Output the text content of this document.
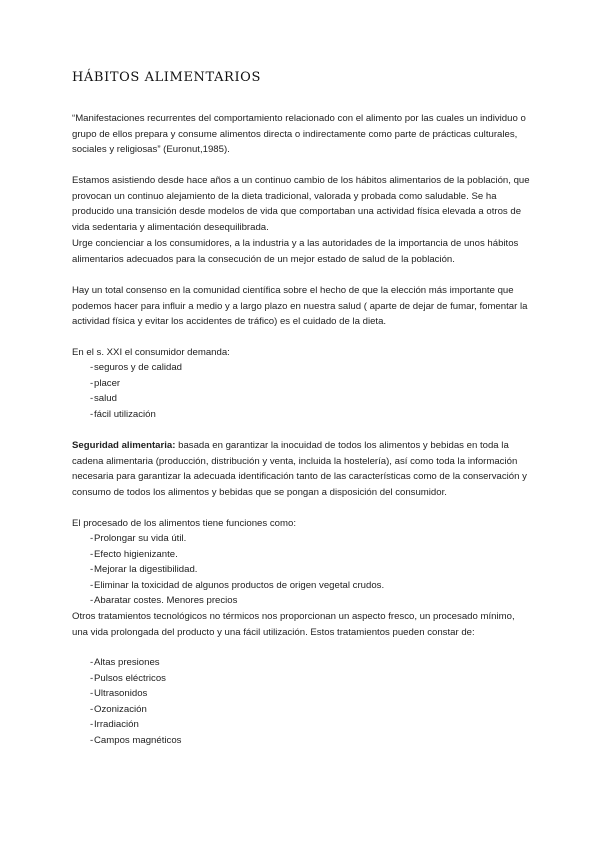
HÁBITOS ALIMENTARIOS

“Manifestaciones recurrentes del comportamiento relacionado con el alimento por las cuales un individuo o grupo de ellos prepara y consume alimentos directa o indirectamente como parte de prácticas culturales, sociales y religiosas” (Euronut,1985).

Estamos asistiendo desde hace años a un continuo cambio de los hábitos alimentarios de la población, que provocan un continuo alejamiento de la dieta tradicional, valorada y probada como saludable. Se ha producido una transición desde modelos de vida que comportaban una actividad física elevada a otros de vida sedentaria y alimentación desequilibrada.

Urge concienciar a los consumidores, a la industria y a las autoridades de la importancia de unos hábitos alimentarios adecuados para la consecución de un mejor estado de salud de la población.

Hay un total consenso en la comunidad científica sobre el hecho de que la elección más importante que podemos hacer para influir a medio y a largo plazo en nuestra salud ( aparte de dejar de fumar, fomentar la actividad física y evitar los accidentes de tráfico) es el cuidado de la dieta.

En el s. XXI el consumidor demanda:

- seguros y de calidad
- placer
- salud
- fácil utilización

Seguridad alimentaria: basada en garantizar la inocuidad de todos los alimentos y bebidas en toda la cadena alimentaria (producción, distribución y venta, incluida la hostelería), así como toda la información necesaria para garantizar la adecuada identificación tanto de las características como de la conservación y consumo de todos los alimentos y bebidas que se pongan a disposición del consumidor.

El procesado de los alimentos tiene funciones como:

- Prolongar su vida útil.
- Efecto higienizante.
- Mejorar la digestibilidad.
- Eliminar la toxicidad de algunos productos de origen vegetal crudos.
- Abaratar costes. Menores precios

Otros tratamientos tecnológicos no térmicos nos proporcionan un aspecto fresco, un procesado mínimo, una vida prolongada del producto y una fácil utilización. Estos tratamientos pueden constar de:

- Altas presiones
- Pulsos eléctricos
- Ultrasonidos
- Ozonización
- Irradiación
- Campos magnéticos
